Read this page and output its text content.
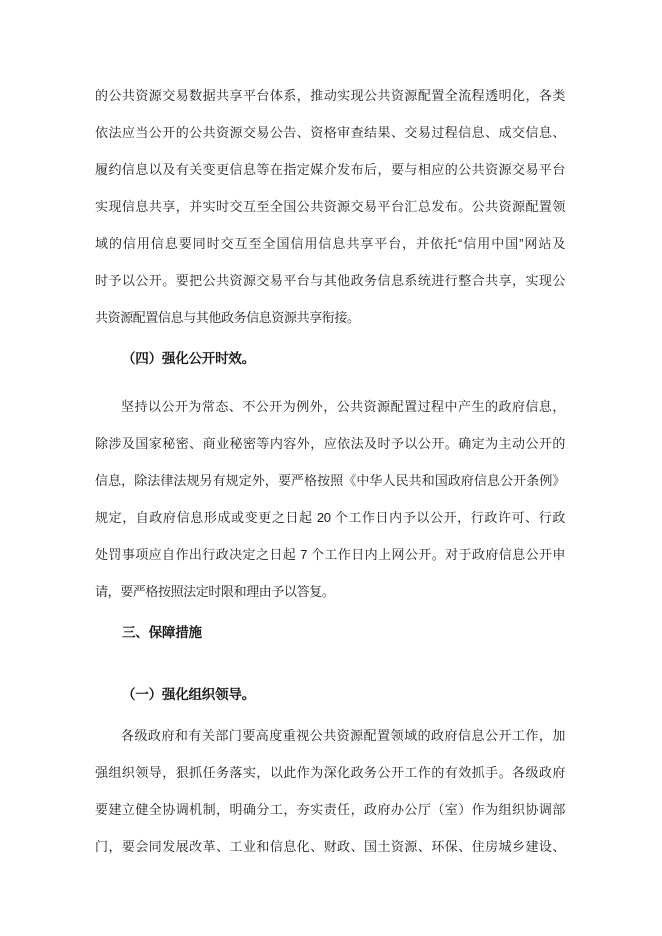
的公共资源交易数据共享平台体系，推动实现公共资源配置全流程透明化，各类
依法应当公开的公共资源交易公告、资格审查结果、交易过程信息、成交信息、
履约信息以及有关变更信息等在指定媒介发布后，要与相应的公共资源交易平台
实现信息共享，并实时交互至全国公共资源交易平台汇总发布。公共资源配置领
域的信用信息要同时交互至全国信用信息共享平台，并依托“信用中国”网站及
时予以公开。要把公共资源交易平台与其他政务信息系统进行整合共享，实现公
共资源配置信息与其他政务信息资源共享衔接。
（四）强化公开时效。
坚持以公开为常态、不公开为例外，公共资源配置过程中产生的政府信息，
除涉及国家秘密、商业秘密等内容外，应依法及时予以公开。确定为主动公开的
信息，除法律法规另有规定外，要严格按照《中华人民共和国政府信息公开条例》
规定，自政府信息形成或变更之日起 20 个工作日内予以公开，行政许可、行政
处罚事项应自作出行政决定之日起 7 个工作日内上网公开。对于政府信息公开申
请，要严格按照法定时限和理由予以答复。
三、保障措施
（一）强化组织领导。
各级政府和有关部门要高度重视公共资源配置领域的政府信息公开工作，加
强组织领导，狠抓任务落实，以此作为深化政务公开工作的有效抓手。各级政府
要建立健全协调机制，明确分工，夯实责任，政府办公厅（室）作为组织协调部
门，要会同发展改革、工业和信息化、财政、国土资源、环保、住房城乡建设、
